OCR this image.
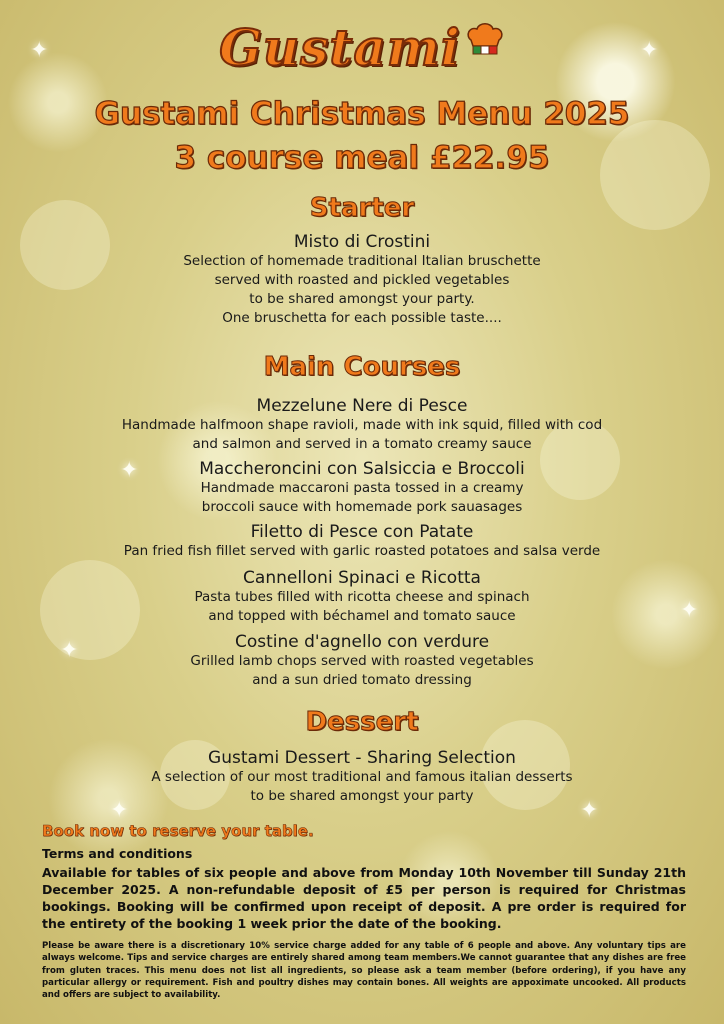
✦
✦
✦
✦
✦
✦
✦
Gustami
Gustami Christmas Menu 2025
3 course meal £22.95
Starter
Misto di Crostini
Selection of homemade traditional Italian bruschette
served with roasted and pickled vegetables
to be shared amongst your party.
One bruschetta for each possible taste....
Main Courses
Mezzelune Nere di Pesce
Handmade halfmoon shape ravioli, made with ink squid, filled with cod
and salmon and served in a tomato creamy sauce
Maccheroncini con Salsiccia e Broccoli
Handmade maccaroni pasta tossed in a creamy
broccoli sauce with homemade pork sauasages
Filetto di Pesce con Patate
Pan fried fish fillet served with garlic roasted potatoes and salsa verde
Cannelloni Spinaci e Ricotta
Pasta tubes filled with ricotta cheese and spinach
and topped with béchamel and tomato sauce
Costine d'agnello con verdure
Grilled lamb chops served with roasted vegetables
and a sun dried tomato dressing
Dessert
Gustami Dessert - Sharing Selection
A selection of our most traditional and famous italian desserts
to be shared amongst your party
Book now to reserve your table.
Terms and conditions
Available for tables of six people and above from Monday 10th November till Sunday 21th December 2025. A non-refundable deposit of £5 per person is required for Christmas bookings. Booking will be confirmed upon receipt of deposit. A pre order is required for the entirety of the booking 1 week prior the date of the booking.
Please be aware there is a discretionary 10% service charge added for any table of 6 people and above. Any voluntary tips are always welcome. Tips and service charges are entirely shared among team members.We cannot guarantee that any dishes are free from gluten traces. This menu does not list all ingredients, so please ask a team member (before ordering), if you have any particular allergy or requirement. Fish and poultry dishes may contain bones. All weights are appoximate uncooked. All products and offers are subject to availability.
